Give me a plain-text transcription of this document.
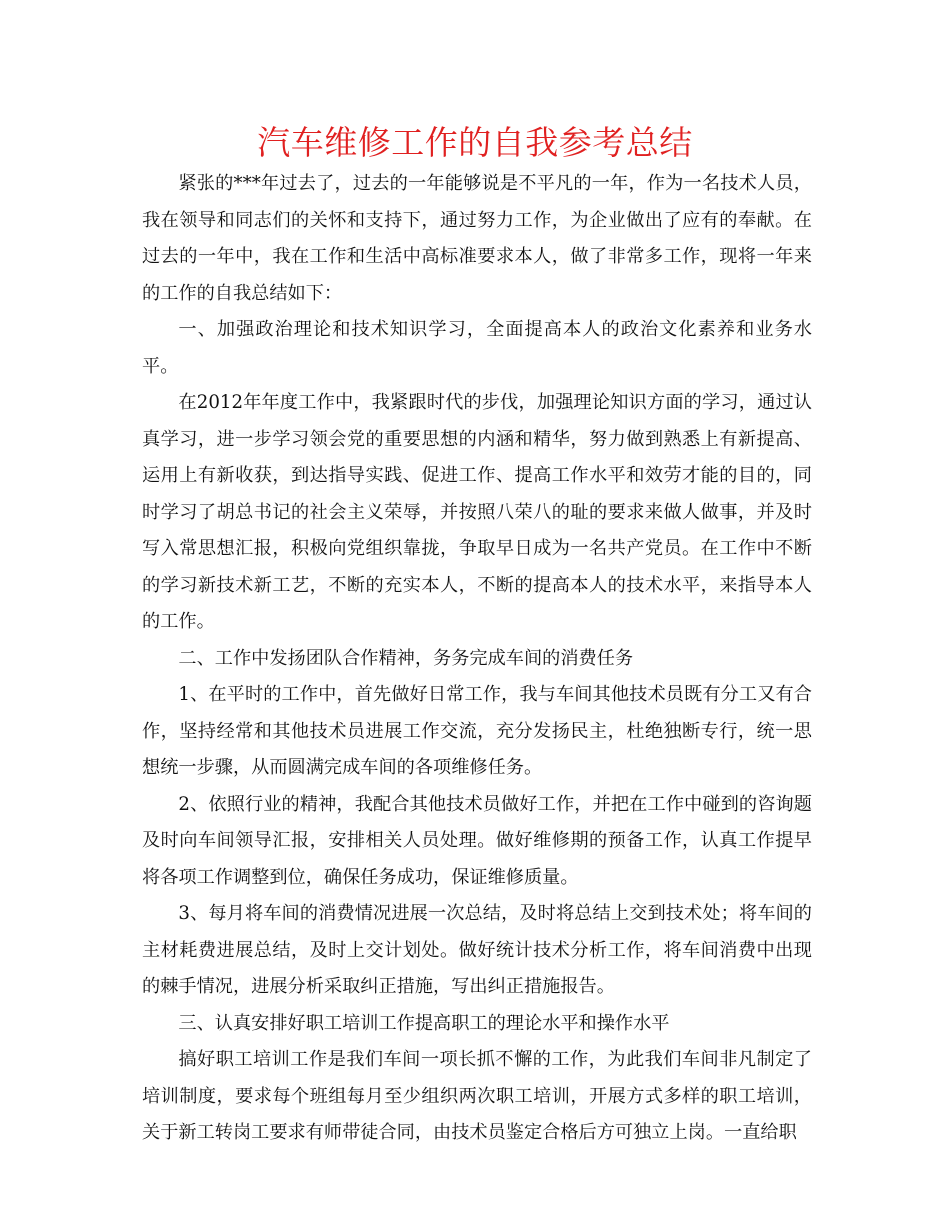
汽车维修工作的自我参考总结

紧张的***年过去了，过去的一年能够说是不平凡的一年，作为一名技术人员，我在领导和同志们的关怀和支持下，通过努力工作，为企业做出了应有的奉献。在过去的一年中，我在工作和生活中高标准要求本人，做了非常多工作，现将一年来的工作的自我总结如下：

一、加强政治理论和技术知识学习，全面提高本人的政治文化素养和业务水平。

在2012年年度工作中，我紧跟时代的步伐，加强理论知识方面的学习，通过认真学习，进一步学习领会党的重要思想的内涵和精华，努力做到熟悉上有新提高、运用上有新收获，到达指导实践、促进工作、提高工作水平和效劳才能的目的，同时学习了胡总书记的社会主义荣辱，并按照八荣八的耻的要求来做人做事，并及时写入常思想汇报，积极向党组织靠拢，争取早日成为一名共产党员。在工作中不断的学习新技术新工艺，不断的充实本人，不断的提高本人的技术水平，来指导本人的工作。

二、工作中发扬团队合作精神，务务完成车间的消费任务

1、在平时的工作中，首先做好日常工作，我与车间其他技术员既有分工又有合作，坚持经常和其他技术员进展工作交流，充分发扬民主，杜绝独断专行，统一思想统一步骤，从而圆满完成车间的各项维修任务。

2、依照行业的精神，我配合其他技术员做好工作，并把在工作中碰到的咨询题及时向车间领导汇报，安排相关人员处理。做好维修期的预备工作，认真工作提早将各项工作调整到位，确保任务成功，保证维修质量。

3、每月将车间的消费情况进展一次总结，及时将总结上交到技术处；将车间的主材耗费进展总结，及时上交计划处。做好统计技术分析工作，将车间消费中出现的棘手情况，进展分析采取纠正措施，写出纠正措施报告。

三、认真安排好职工培训工作提高职工的理论水平和操作水平

搞好职工培训工作是我们车间一项长抓不懈的工作，为此我们车间非凡制定了培训制度，要求每个班组每月至少组织两次职工培训，开展方式多样的职工培训，关于新工转岗工要求有师带徒合同，由技术员鉴定合格后方可独立上岗。一直给职
